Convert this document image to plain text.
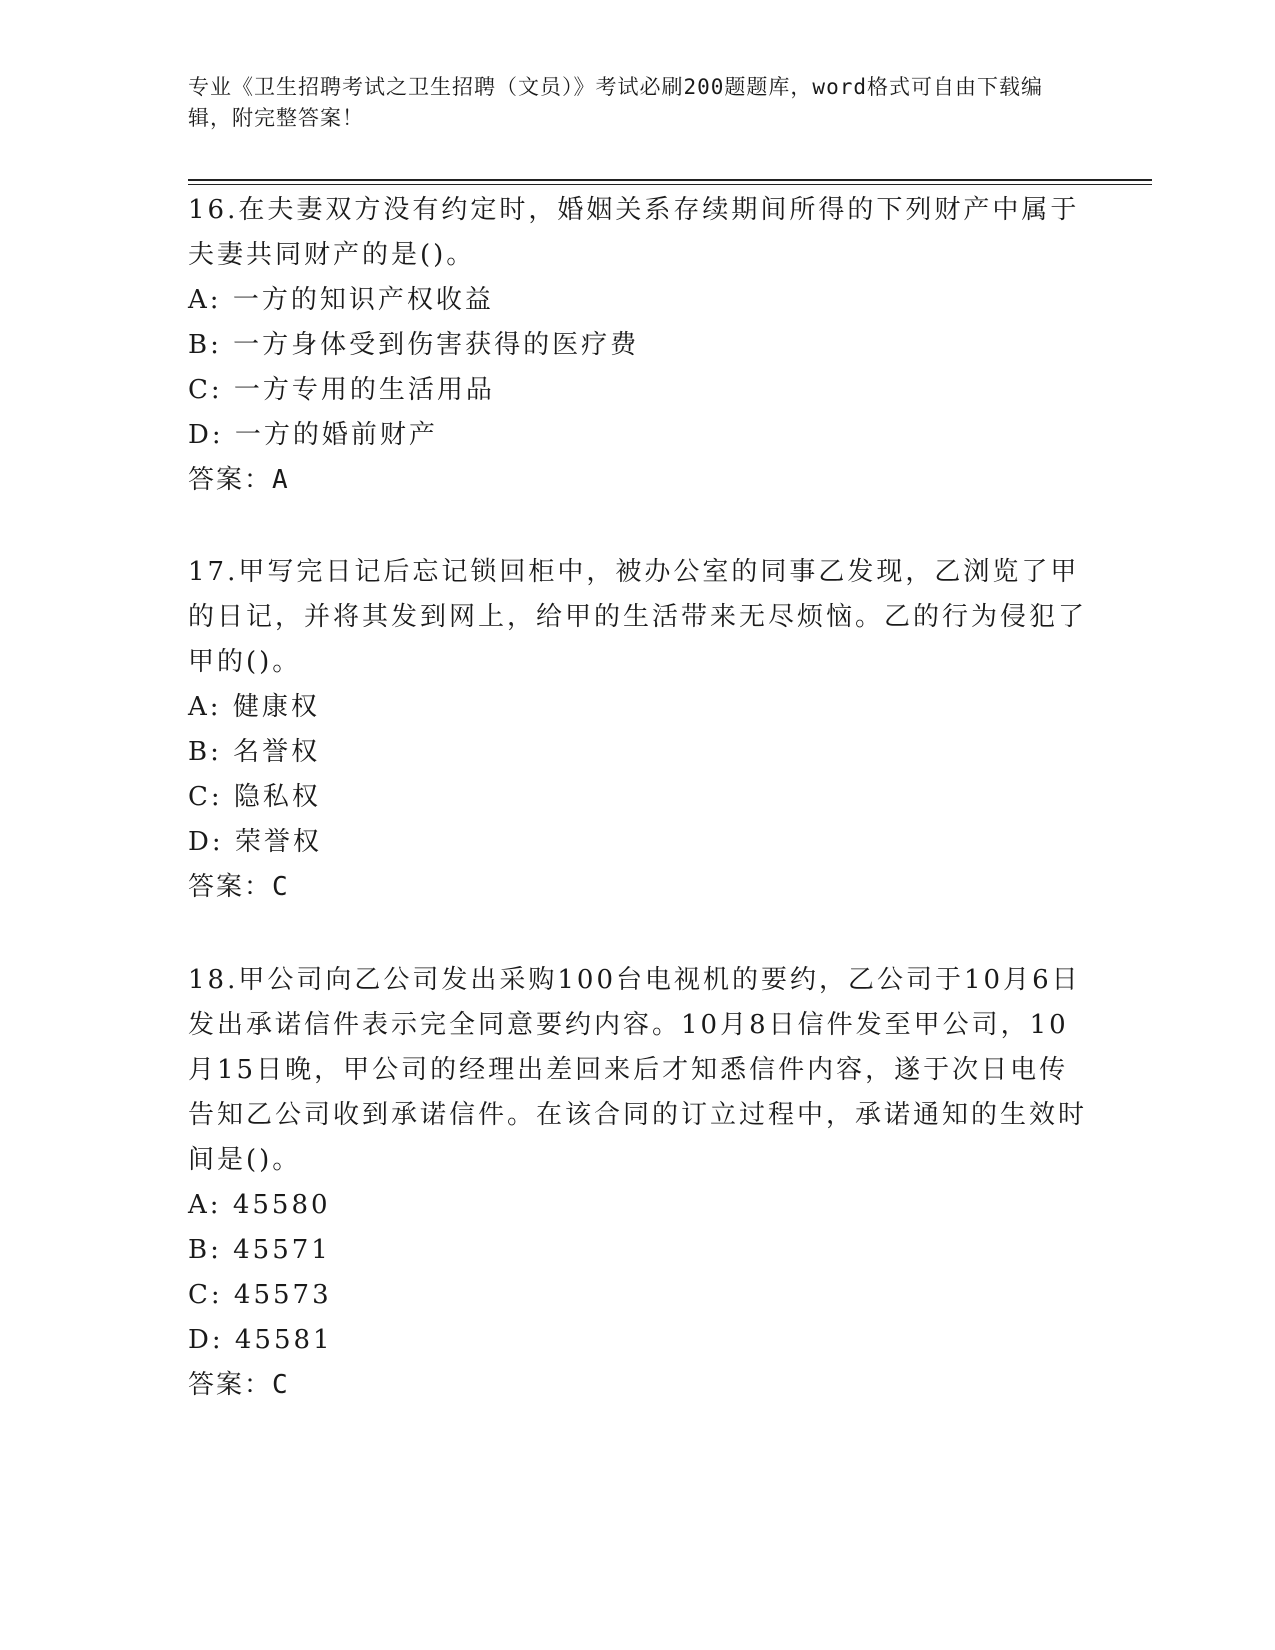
专业《卫生招聘考试之卫生招聘（文员）》考试必刷200题题库，word格式可自由下载编辑，附完整答案！
16.在夫妻双方没有约定时，婚姻关系存续期间所得的下列财产中属于夫妻共同财产的是()。
A: 一方的知识产权收益
B: 一方身体受到伤害获得的医疗费
C: 一方专用的生活用品
D: 一方的婚前财产
答案：A
17.甲写完日记后忘记锁回柜中，被办公室的同事乙发现，乙浏览了甲的日记，并将其发到网上，给甲的生活带来无尽烦恼。乙的行为侵犯了甲的()。
A: 健康权
B: 名誉权
C: 隐私权
D: 荣誉权
答案：C
18.甲公司向乙公司发出采购100台电视机的要约，乙公司于10月6日发出承诺信件表示完全同意要约内容。10月8日信件发至甲公司，10月15日晚，甲公司的经理出差回来后才知悉信件内容，遂于次日电传告知乙公司收到承诺信件。在该合同的订立过程中，承诺通知的生效时间是()。
A: 45580
B: 45571
C: 45573
D: 45581
答案：C
